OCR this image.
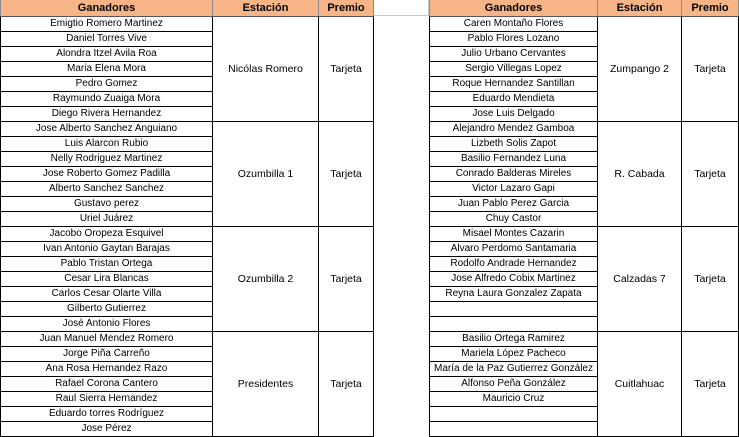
Ganadores	Estación	Premio
Emigtio Romero Martinez	Nicólas Romero	Tarjeta
Daniel Torres Vive		
Alondra Itzel Avila Roa		
Maria Elena Mora		
Pedro Gomez		
Raymundo Zuaiga Mora		
Diego Rivera Hernandez		
Jose Alberto Sanchez Anguiano	Ozumbilla 1	Tarjeta
Luis Alarcon Rubio		
Nelly Rodriguez Martinez		
Jose Roberto Gomez Padilla		
Alberto Sanchez Sanchez		
Gustavo perez		
Uriel Juárez		
Jacobo Oropeza Esquivel	Ozumbilla 2	Tarjeta
Ivan Antonio Gaytan Barajas		
Pablo Tristan Ortega		
Cesar Lira Blancas		
Carlos Cesar Olarte Villa		
Gilberto Gutierrez		
José Antonio Flores		
Juan Manuel Mendez Romero	Presidentes	Tarjeta
Jorge Piña Carreño		
Ana Rosa Hernandez Razo		
Rafael Corona Cantero		
Raul Sierra Hernandez		
Eduardo torres Rodríguez		
Jose Pérez		
Ganadores	Estación	Premio
Caren Montaño Flores	Zumpango 2	Tarjeta
Pablo Flores Lozano		
Julio Urbano Cervantes		
Sergio Villegas Lopez		
Roque Hernandez Santillan		
Eduardo Mendieta		
Jose Luis Delgado		
Alejandro Mendez Gamboa	R. Cabada	Tarjeta
Lizbeth Solis Zapot		
Basilio Fernandez Luna		
Conrado Balderas Mireles		
Victor Lazaro Gapi		
Juan Pablo Perez Garcia		
Chuy Castor		
Misael Montes Cazarin	Calzadas 7	Tarjeta
Alvaro Perdomo Santamaria		
Rodolfo Andrade Hernandez		
Jose Alfredo Cobix Martinez		
Reyna Laura Gonzalez Zapata		

Basilio Ortega Ramirez	Cuitlahuac	Tarjeta
Mariela López Pacheco		
María de la Paz Gutierrez González		
Alfonso Peña González		
Mauricio Cruz		
